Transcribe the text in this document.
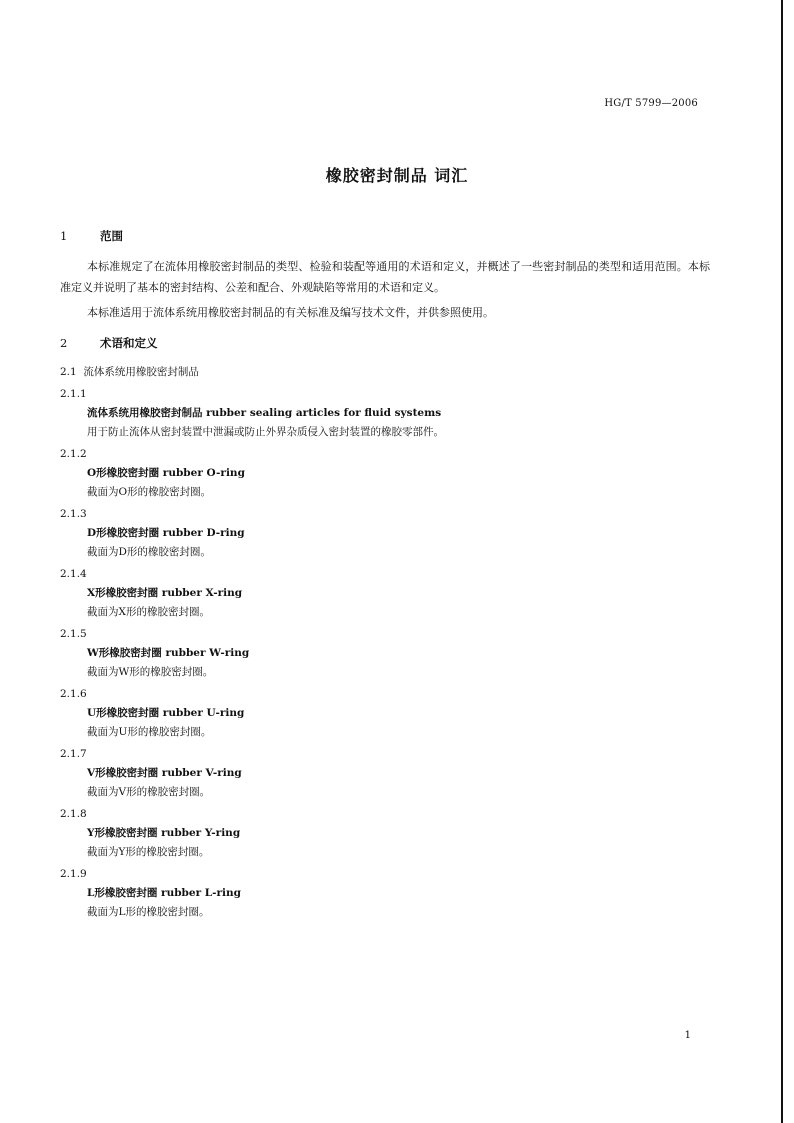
HG/T 5799—2006
橡胶密封制品 词汇
1	范围

本标准规定了在流体用橡胶密封制品的类型、检验和装配等通用的术语和定义，并概述了一些密封制品的类型和适用范围。本标准定义并说明了基本的密封结构、公差和配合、外观缺陷等常用的术语和定义。

本标准适用于流体系统用橡胶密封制品的有关标准及编写技术文件，并供参照使用。

2	术语和定义
2.1 流体系统用橡胶密封制品
2.1.1
流体系统用橡胶密封制品 rubber sealing articles for fluid systems
用于防止流体从密封装置中泄漏或防止外界杂质侵入密封装置的橡胶零部件。
2.1.2
O形橡胶密封圈 rubber O-ring
截面为O形的橡胶密封圈。
2.1.3
D形橡胶密封圈 rubber D-ring
截面为D形的橡胶密封圈。
2.1.4
X形橡胶密封圈 rubber X-ring
截面为X形的橡胶密封圈。
2.1.5
W形橡胶密封圈 rubber W-ring
截面为W形的橡胶密封圈。
2.1.6
U形橡胶密封圈 rubber U-ring
截面为U形的橡胶密封圈。
2.1.7
V形橡胶密封圈 rubber V-ring
截面为V形的橡胶密封圈。
2.1.8
Y形橡胶密封圈 rubber Y-ring
截面为Y形的橡胶密封圈。
2.1.9
L形橡胶密封圈 rubber L-ring
截面为L形的橡胶密封圈。
1
